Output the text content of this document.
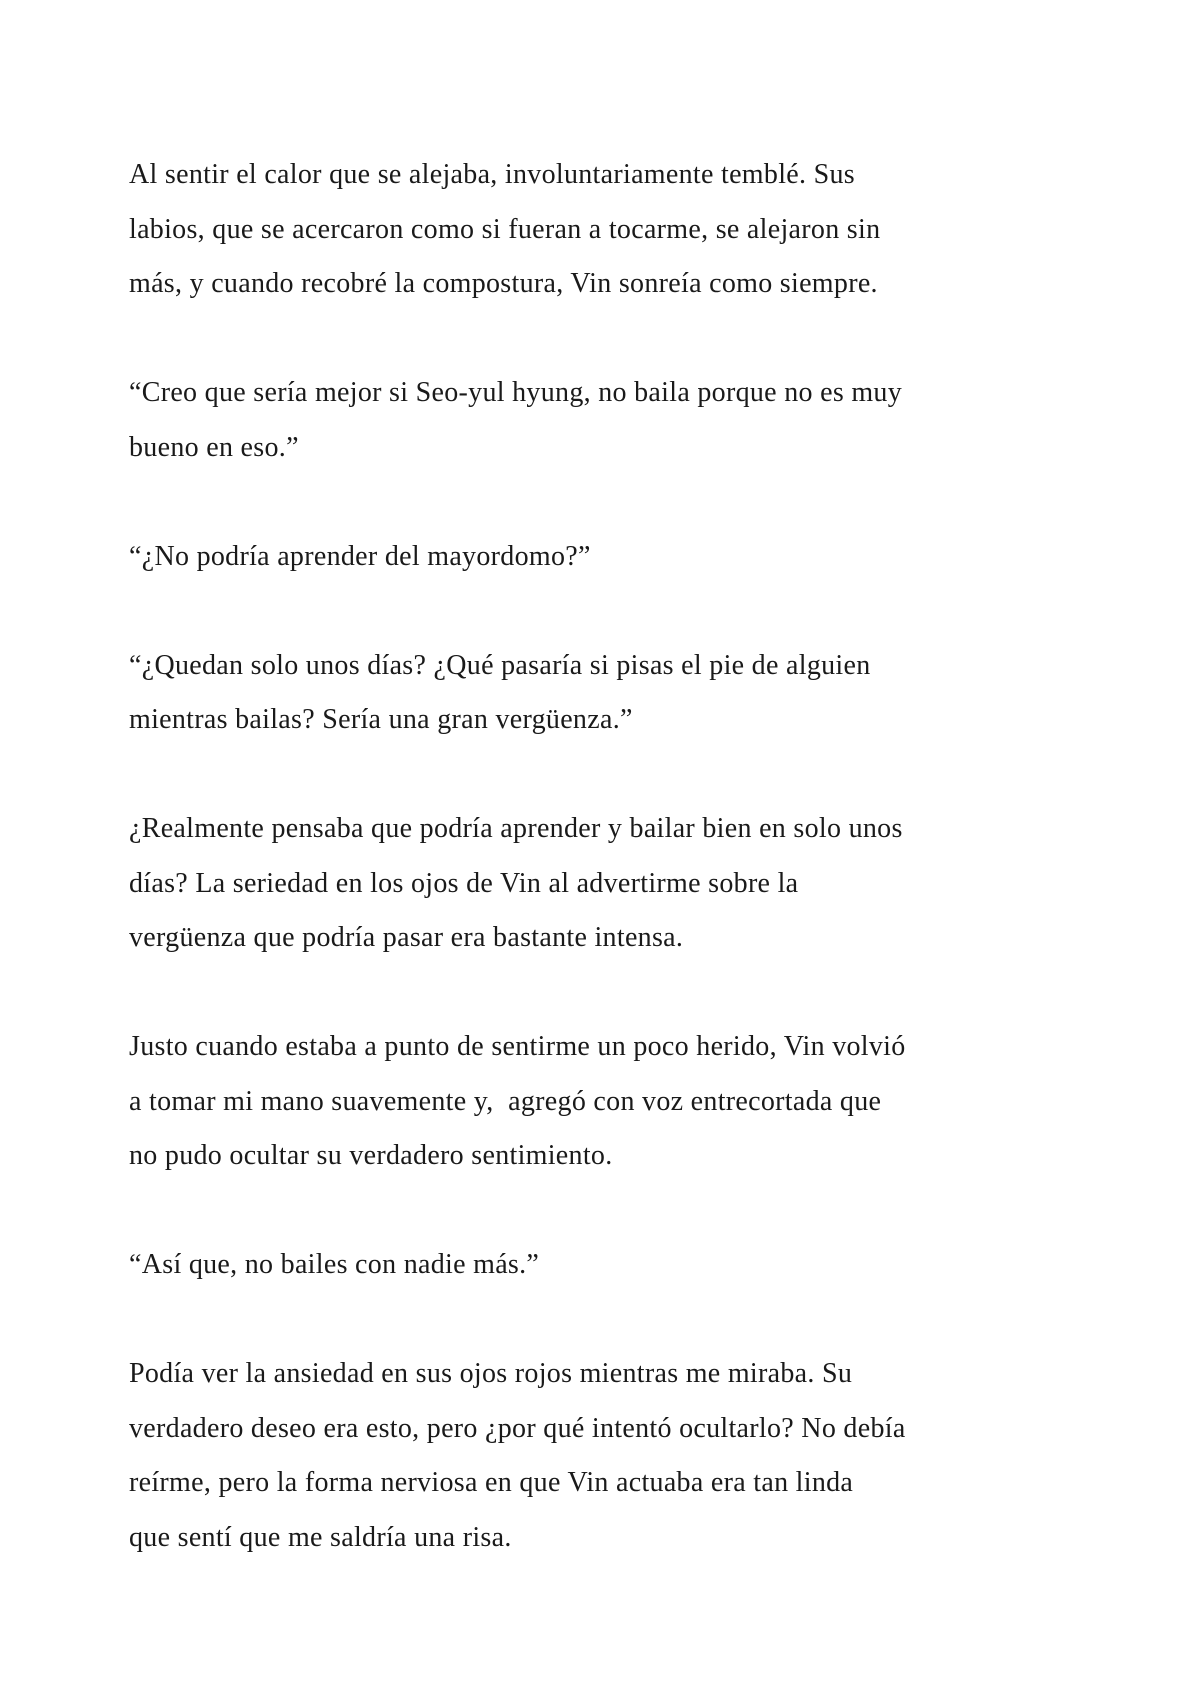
Al sentir el calor que se alejaba, involuntariamente temblé. Sus
labios, que se acercaron como si fueran a tocarme, se alejaron sin
más, y cuando recobré la compostura, Vin sonreía como siempre.

“Creo que sería mejor si Seo-yul hyung, no baila porque no es muy
bueno en eso.”

“¿No podría aprender del mayordomo?”

“¿Quedan solo unos días? ¿Qué pasaría si pisas el pie de alguien
mientras bailas? Sería una gran vergüenza.”

¿Realmente pensaba que podría aprender y bailar bien en solo unos
días? La seriedad en los ojos de Vin al advertirme sobre la
vergüenza que podría pasar era bastante intensa.

Justo cuando estaba a punto de sentirme un poco herido, Vin volvió
a tomar mi mano suavemente y,  agregó con voz entrecortada que
no pudo ocultar su verdadero sentimiento.

“Así que, no bailes con nadie más.”

Podía ver la ansiedad en sus ojos rojos mientras me miraba. Su
verdadero deseo era esto, pero ¿por qué intentó ocultarlo? No debía
reírme, pero la forma nerviosa en que Vin actuaba era tan linda
que sentí que me saldría una risa.
